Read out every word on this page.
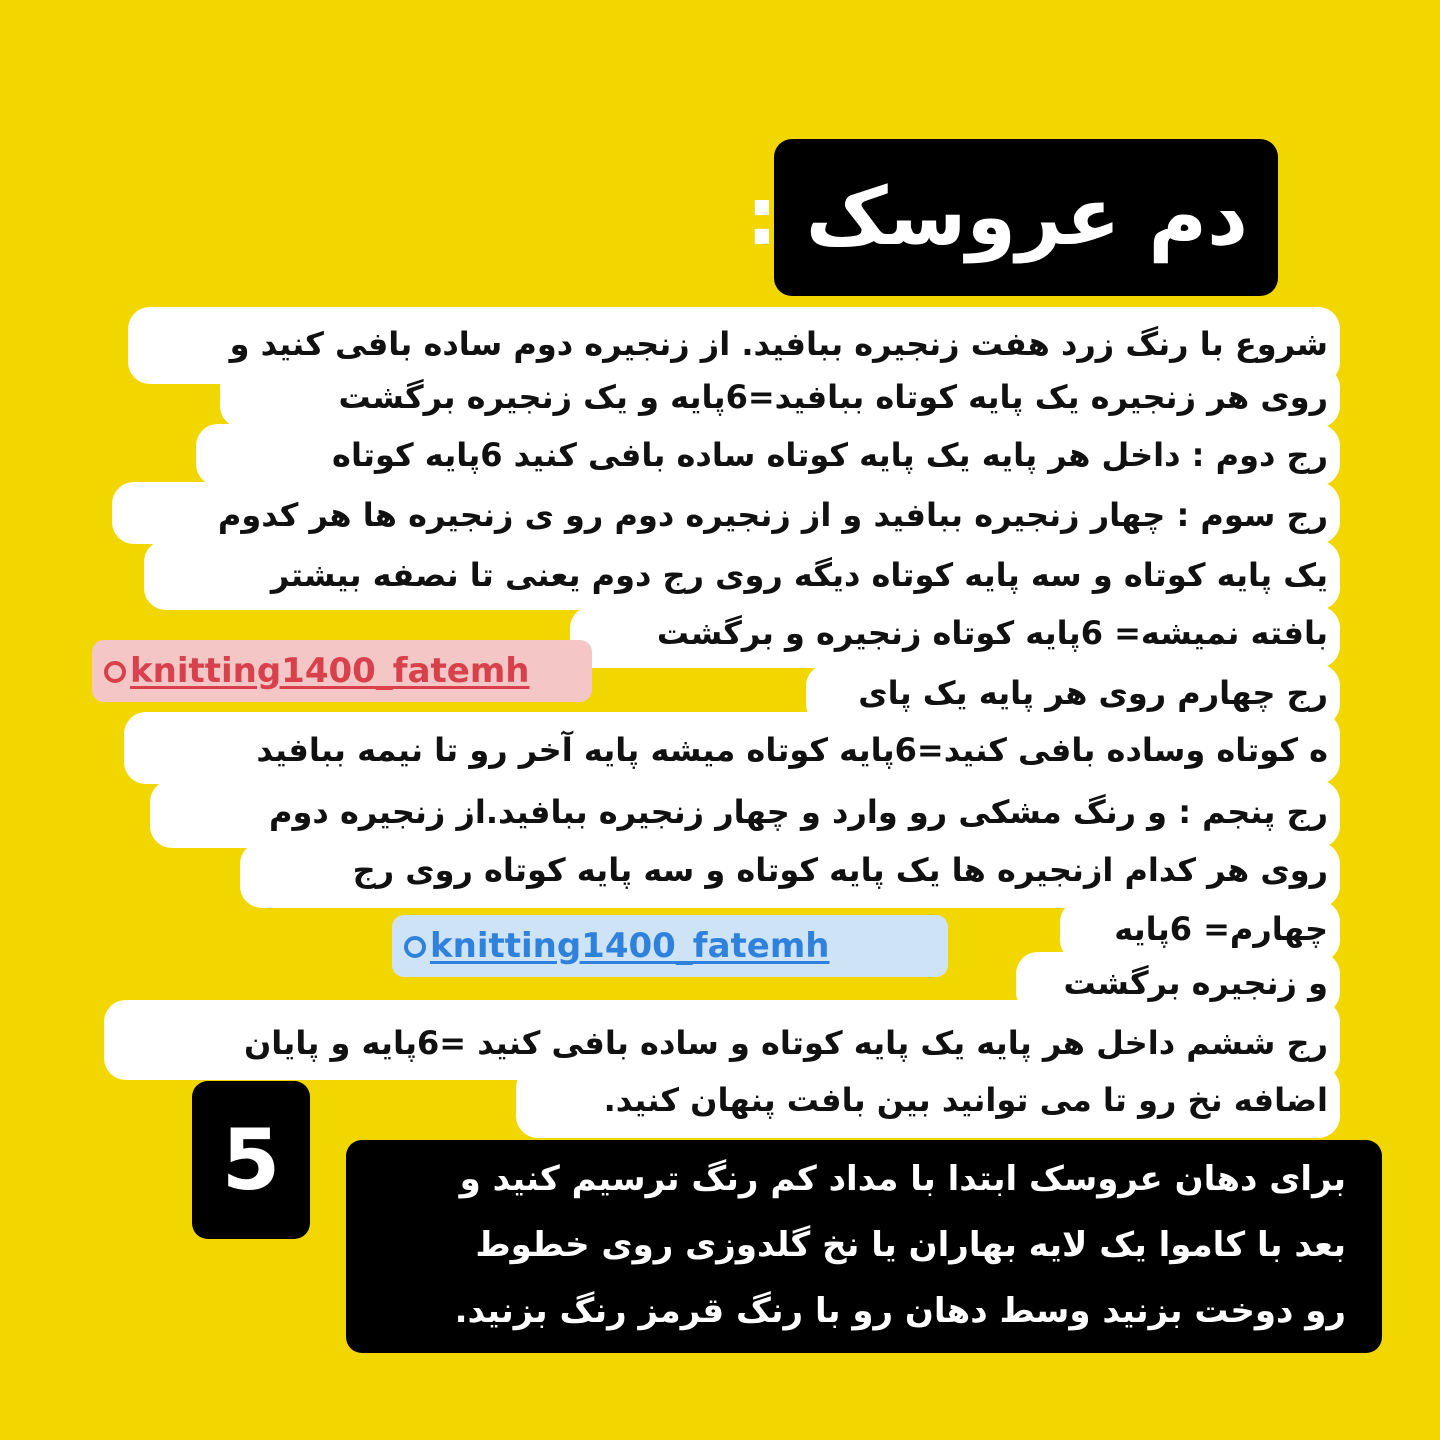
دم عروسک :
شروع با رنگ زرد هفت زنجیره ببافید. از زنجیره دوم ساده بافی کنید و
روی هر زنجیره یک پایه کوتاه ببافید=6پایه و یک زنجیره برگشت
رج دوم : داخل هر پایه یک پایه کوتاه ساده بافی کنید 6پایه کوتاه
رج سوم : چهار زنجیره ببافید و از زنجیره دوم رو ی زنجیره ها هر کدوم
یک پایه کوتاه و سه پایه کوتاه دیگه روی رج دوم یعنی تا نصفه بیشتر
بافته نمیشه= 6پایه کوتاه زنجیره و برگشت
رج چهارم روی هر پایه یک پای
ه کوتاه وساده بافی کنید=6پایه کوتاه میشه پایه آخر رو تا نیمه ببافید
رج پنجم : و رنگ مشکی رو وارد و چهار زنجیره ببافید.از زنجیره دوم
روی هر کدام ازنجیره ها یک پایه کوتاه و سه پایه کوتاه روی رج
چهارم= 6پایه
و زنجیره برگشت
رج ششم داخل هر پایه یک پایه کوتاه و ساده بافی کنید =6پایه و پایان
اضافه نخ رو تا می توانید بین بافت پنهان کنید.
knitting1400_fatemh
knitting1400_fatemh
5	برای دهان عروسک ابتدا با مداد کم رنگ ترسیم کنید و
بعد با کاموا یک لایه بهاران یا نخ گلدوزی روی خطوط
رو دوخت بزنید وسط دهان رو با رنگ قرمز رنگ بزنید.
